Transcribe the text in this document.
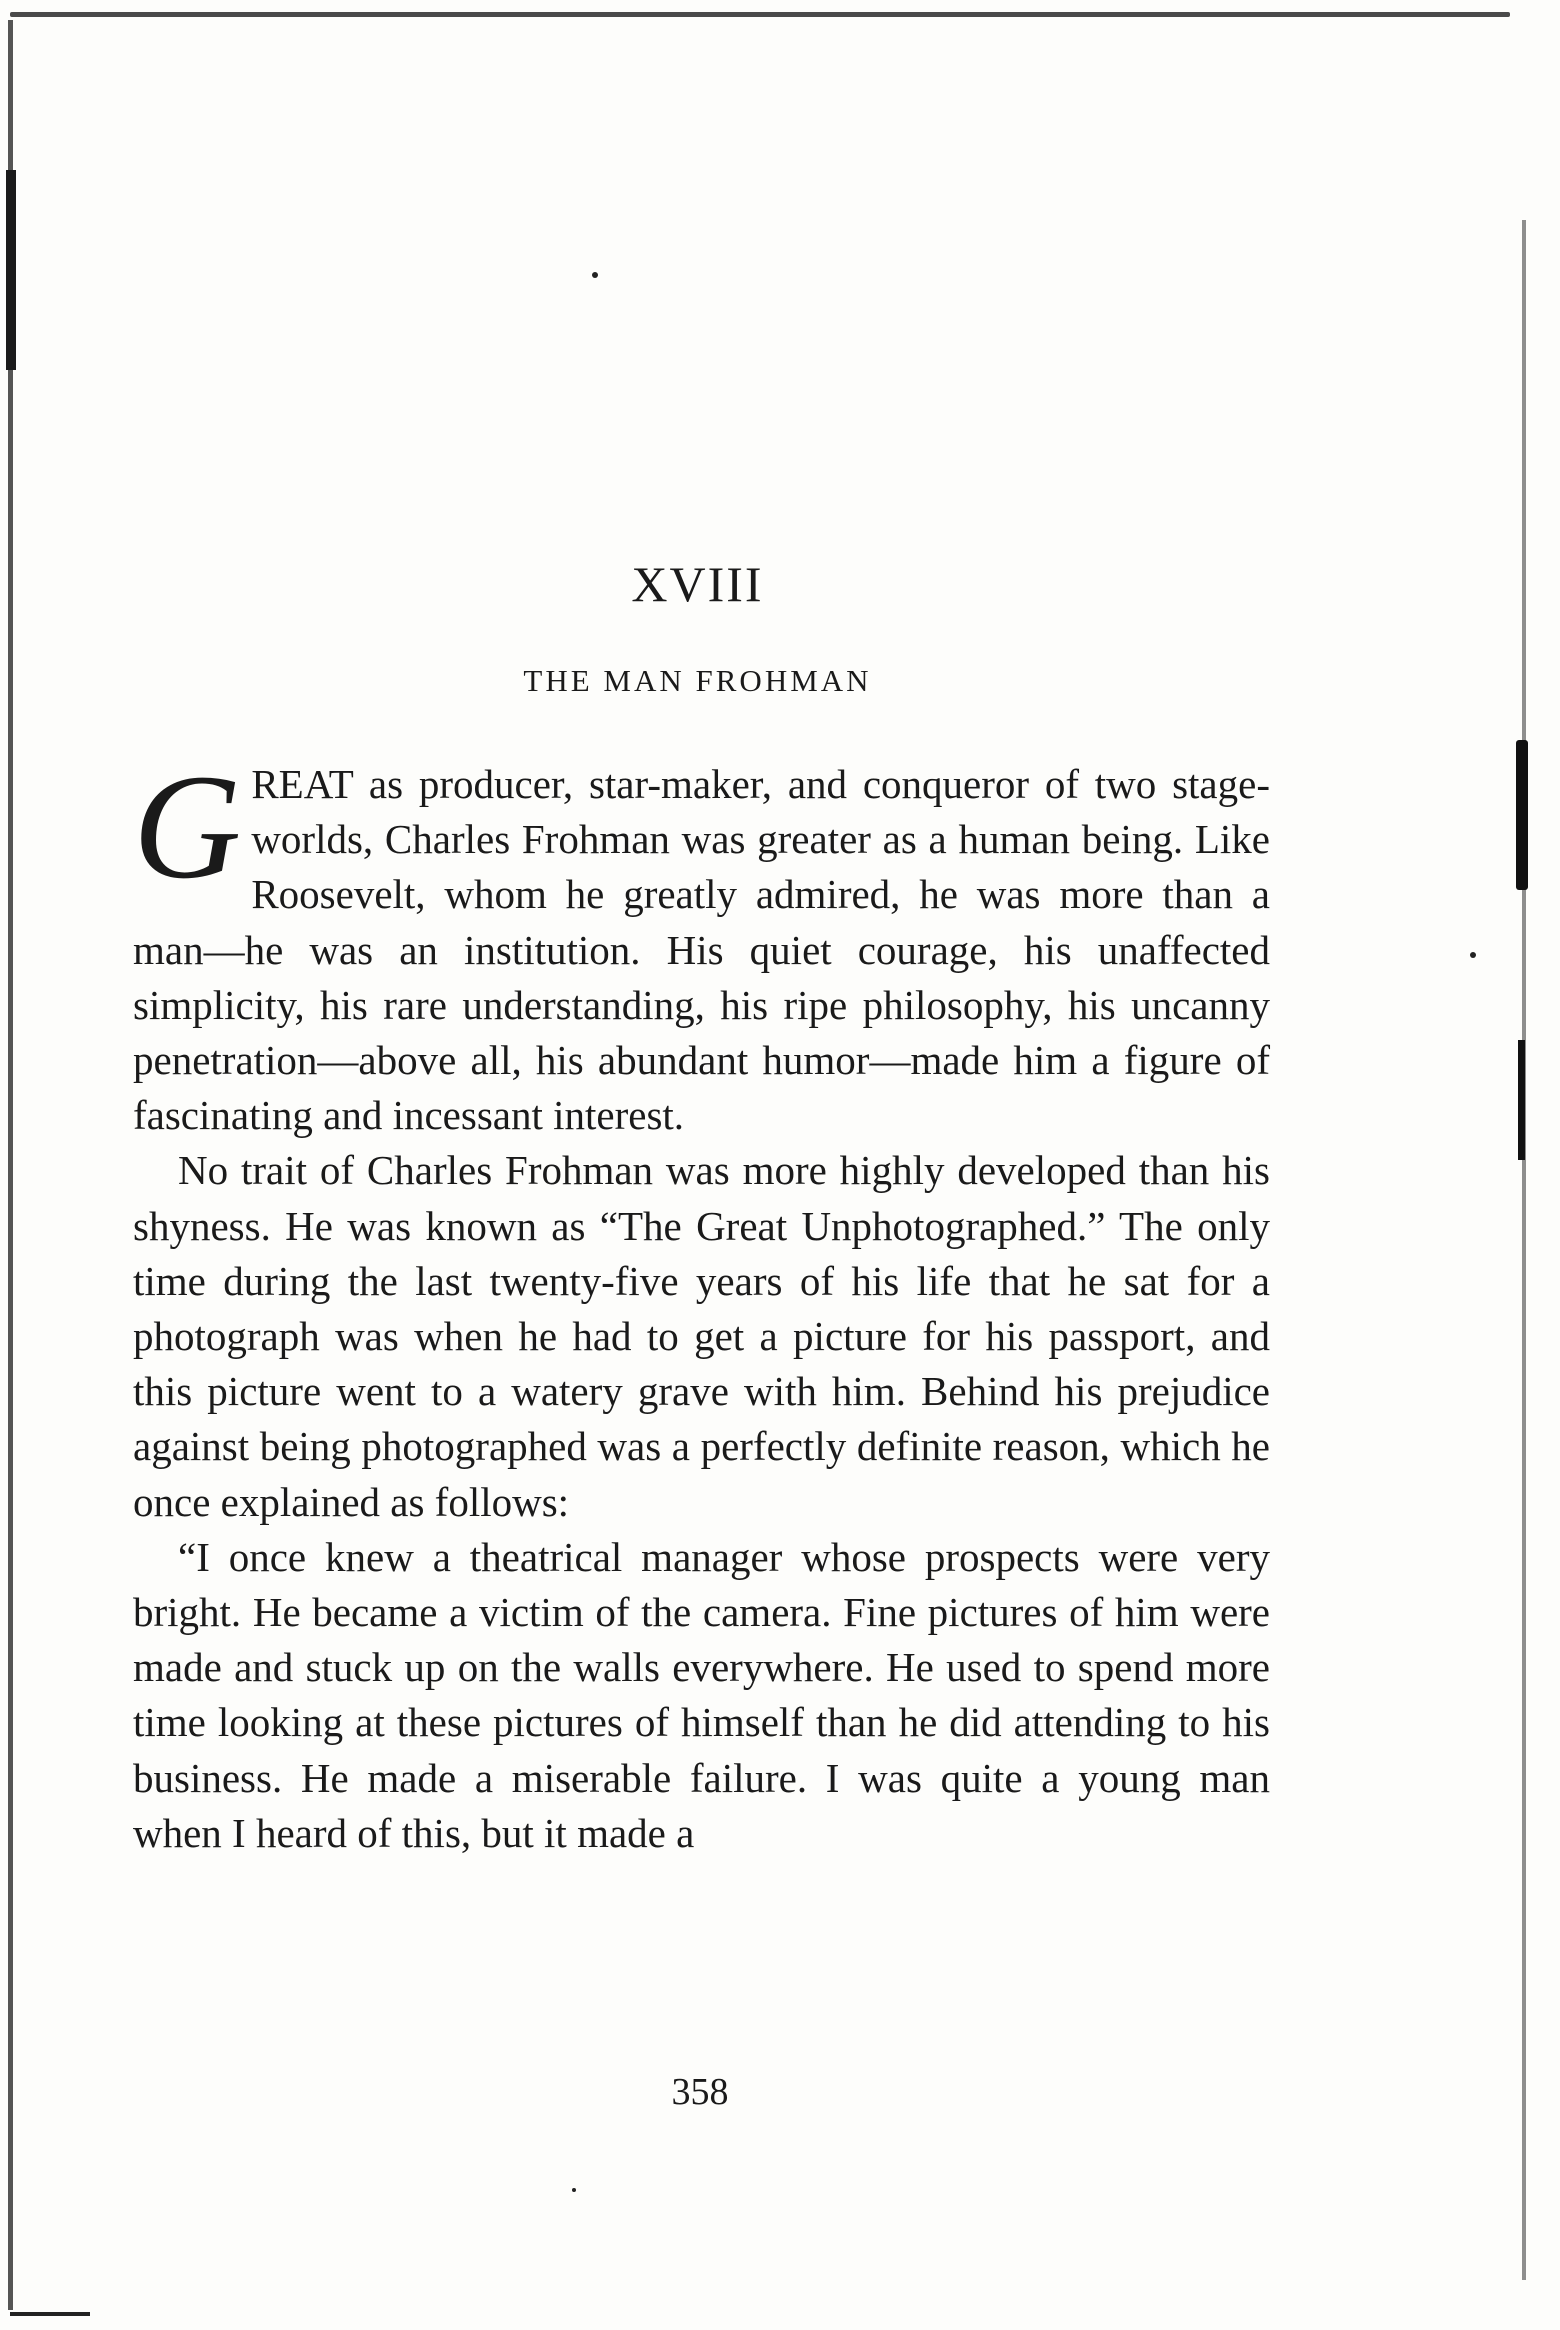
XVIII
THE MAN FROHMAN

GREAT as producer, star-maker, and conqueror of two stage-worlds, Charles Frohman was greater as a human being. Like Roosevelt, whom he greatly admired, he was more than a man—he was an institution. His quiet courage, his unaffected simplicity, his rare understanding, his ripe philosophy, his uncanny penetration—above all, his abundant humor—made him a figure of fascinating and incessant interest.

No trait of Charles Frohman was more highly developed than his shyness. He was known as “The Great Unphotographed.” The only time during the last twenty-five years of his life that he sat for a photograph was when he had to get a picture for his passport, and this picture went to a watery grave with him. Behind his prejudice against being photographed was a perfectly definite reason, which he once explained as follows:

“I once knew a theatrical manager whose prospects were very bright. He became a victim of the camera. Fine pictures of him were made and stuck up on the walls everywhere. He used to spend more time looking at these pictures of himself than he did attending to his business. He made a miserable failure. I was quite a young man when I heard of this, but it made a

358
